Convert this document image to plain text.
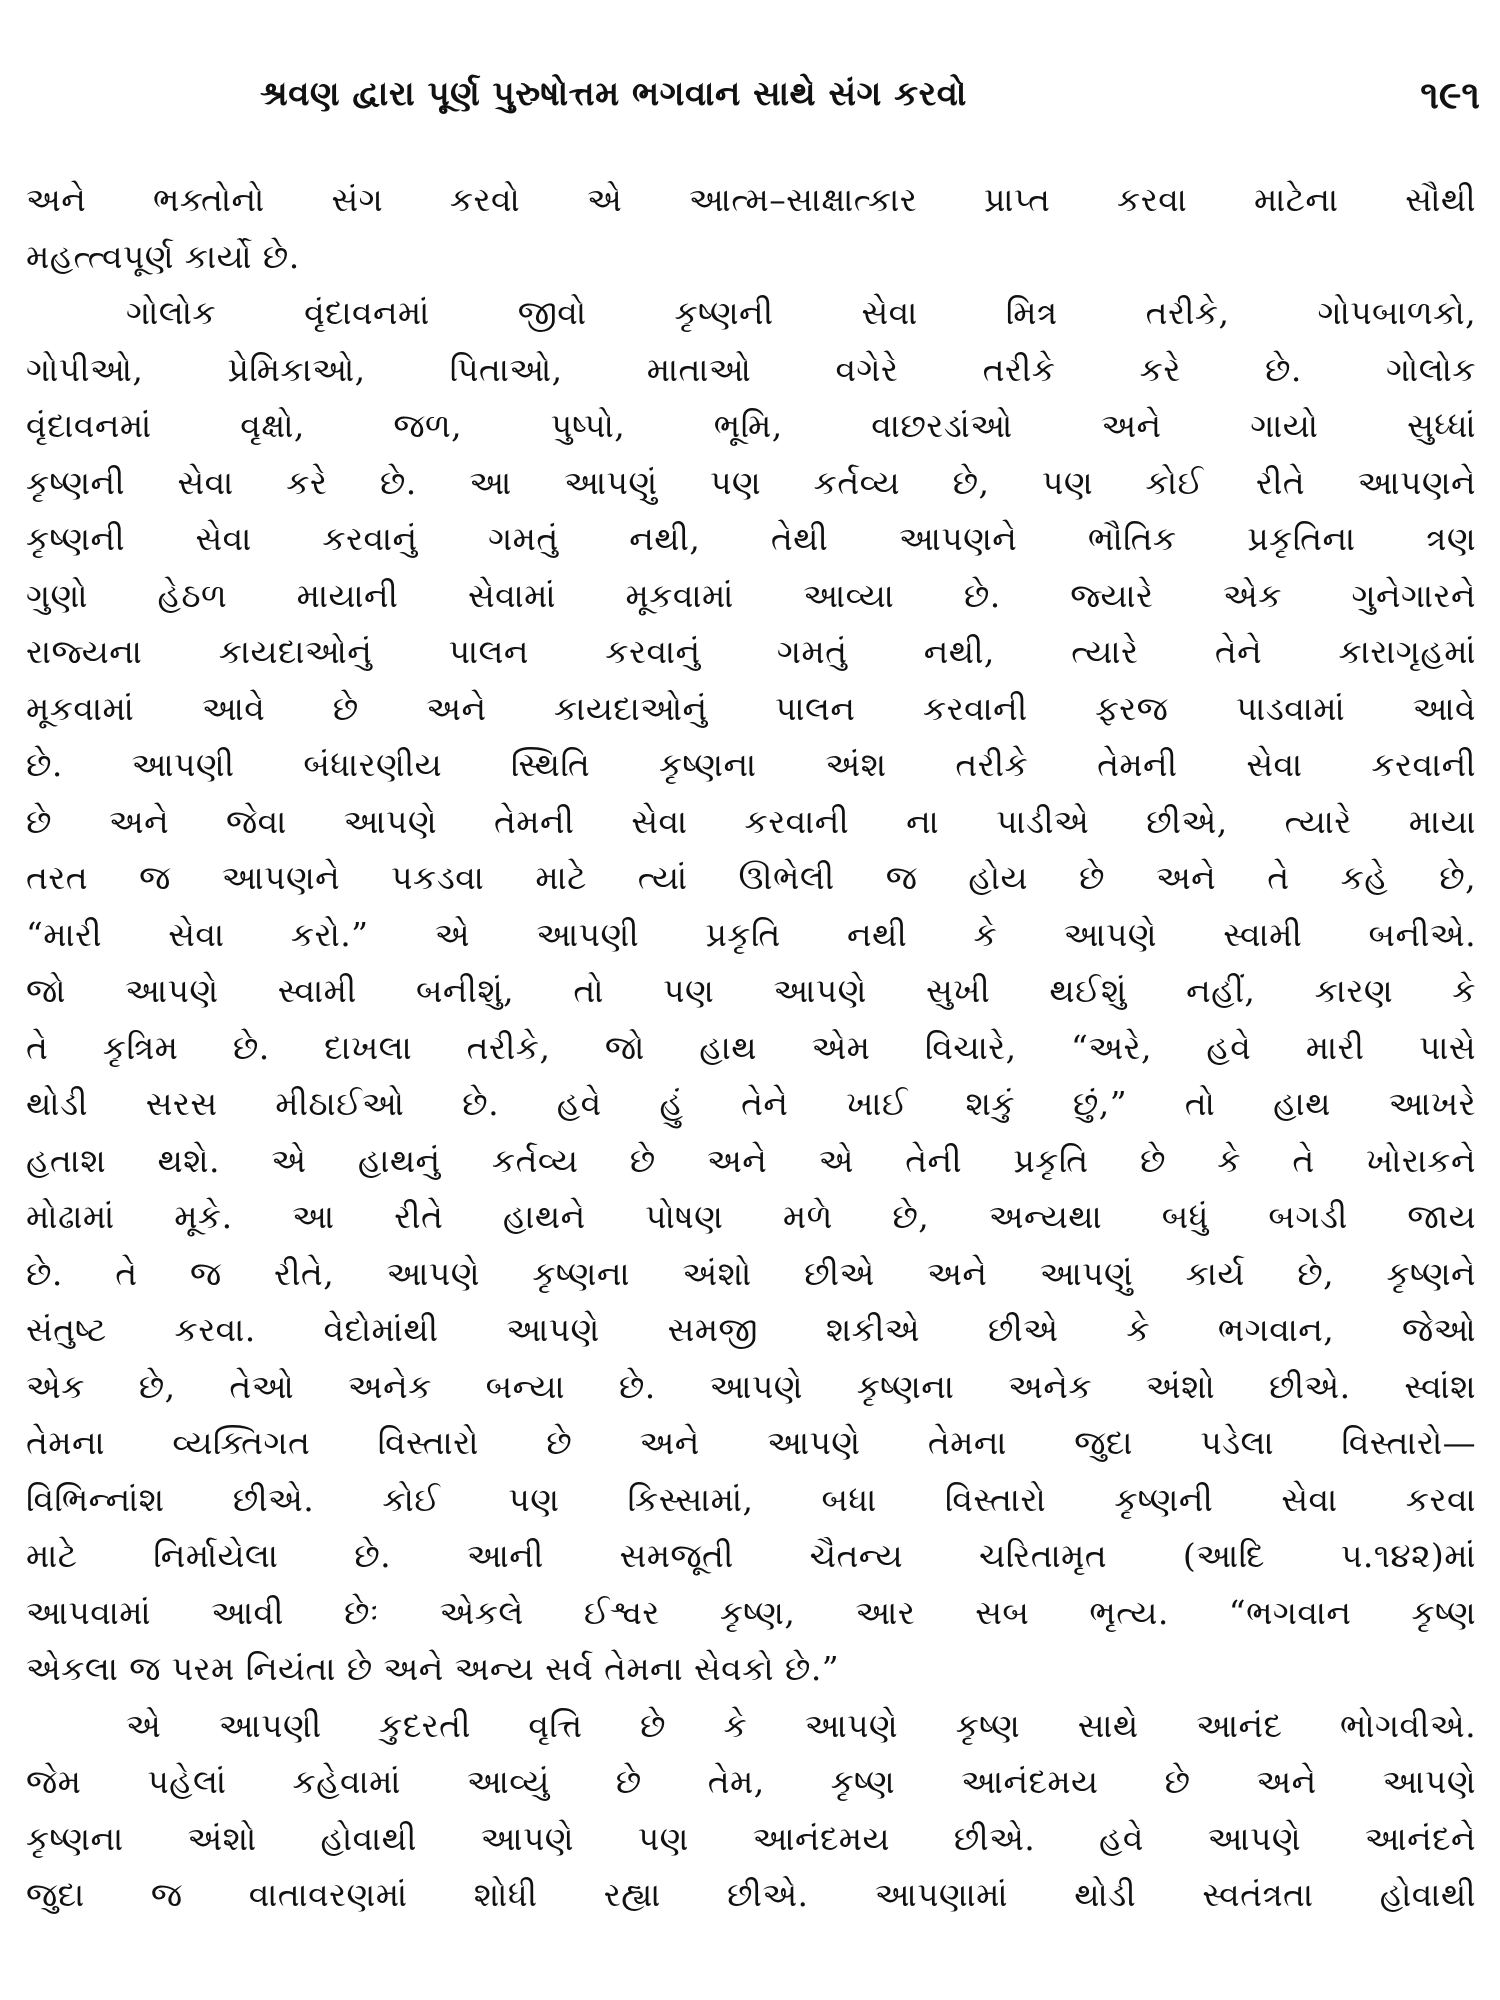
શ્રવણ દ્વારા પૂર્ણ પુરુષોત્તમ ભગવાન સાથે સંગ કરવો	૧૯૧
અને ભક્તોનો સંગ કરવો એ આત્મ–સાક્ષાત્કાર પ્રાપ્ત કરવા માટેના સૌથી
મહત્ત્વપૂર્ણ કાર્યો છે.
ગોલોક વૃંદાવનમાં જીવો કૃષ્ણની સેવા મિત્ર તરીકે, ગોપબાળકો,
ગોપીઓ, પ્રેમિકાઓ, પિતાઓ, માતાઓ વગેરે તરીકે કરે છે. ગોલોક
વૃંદાવનમાં વૃક્ષો, જળ, પુષ્પો, ભૂમિ, વાછરડાંઓ અને ગાયો સુધ્ધાં
કૃષ્ણની સેવા કરે છે. આ આપણું પણ કર્તવ્ય છે, પણ કોઈ રીતે આપણને
કૃષ્ણની સેવા કરવાનું ગમતું નથી, તેથી આપણને ભૌતિક પ્રકૃતિના ત્રણ
ગુણો હેઠળ માયાની સેવામાં મૂકવામાં આવ્યા છે. જ્યારે એક ગુનેગારને
રાજ્યના કાયદાઓનું પાલન કરવાનું ગમતું નથી, ત્યારે તેને કારાગૃહમાં
મૂકવામાં આવે છે અને કાયદાઓનું પાલન કરવાની ફરજ પાડવામાં આવે
છે. આપણી બંધારણીય સ્થિતિ કૃષ્ણના અંશ તરીકે તેમની સેવા કરવાની
છે અને જેવા આપણે તેમની સેવા કરવાની ના પાડીએ છીએ, ત્યારે માયા
તરત જ આપણને પકડવા માટે ત્યાં ઊભેલી જ હોય છે અને તે કહે છે,
“મારી સેવા કરો.” એ આપણી પ્રકૃતિ નથી કે આપણે સ્વામી બનીએ.
જો આપણે સ્વામી બનીશું, તો પણ આપણે સુખી થઈશું નહીં, કારણ કે
તે કૃત્રિમ છે. દાખલા તરીકે, જો હાથ એમ વિચારે, “અરે, હવે મારી પાસે
થોડી સરસ મીઠાઈઓ છે. હવે હું તેને ખાઈ શકું છું,” તો હાથ આખરે
હતાશ થશે. એ હાથનું કર્તવ્ય છે અને એ તેની પ્રકૃતિ છે કે તે ખોરાકને
મોઢામાં મૂકે. આ રીતે હાથને પોષણ મળે છે, અન્યથા બધું બગડી જાય
છે. તે જ રીતે, આપણે કૃષ્ણના અંશો છીએ અને આપણું કાર્ય છે, કૃષ્ણને
સંતુષ્ટ કરવા. વેદોમાંથી આપણે સમજી શકીએ છીએ કે ભગવાન, જેઓ
એક છે, તેઓ અનેક બન્યા છે. આપણે કૃષ્ણના અનેક અંશો છીએ. સ્વાંશ
તેમના વ્યક્તિગત વિસ્તારો છે અને આપણે તેમના જુદા પડેલા વિસ્તારો—
વિભિન્નાંશ છીએ. કોઈ પણ કિસ્સામાં, બધા વિસ્તારો કૃષ્ણની સેવા કરવા
માટે નિર્માયેલા છે. આની સમજૂતી ચૈતન્ય ચરિતામૃત (આદિ ૫.૧૪૨)માં
આપવામાં આવી છેઃ એકલે ઈશ્વર કૃષ્ણ, આર સબ ભૃત્ય. “ભગવાન કૃષ્ણ
એકલા જ પરમ નિયંતા છે અને અન્ય સર્વ તેમના સેવકો છે.”
એ આપણી કુદરતી વૃત્તિ છે કે આપણે કૃષ્ણ સાથે આનંદ ભોગવીએ.
જેમ પહેલાં કહેવામાં આવ્યું છે તેમ, કૃષ્ણ આનંદમય છે અને આપણે
કૃષ્ણના અંશો હોવાથી આપણે પણ આનંદમય છીએ. હવે આપણે આનંદને
જુદા જ વાતાવરણમાં શોધી રહ્યા છીએ. આપણામાં થોડી સ્વતંત્રતા હોવાથી
